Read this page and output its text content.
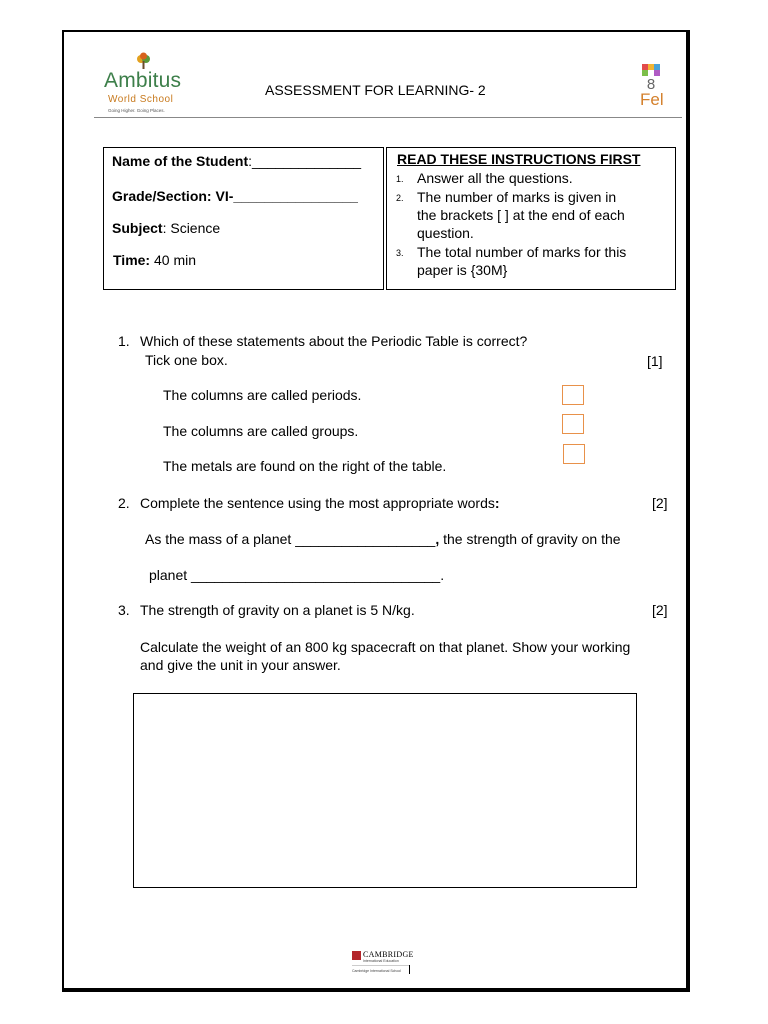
Ambitus
World School
Going Higher. Going Places.
ASSESSMENT FOR LEARNING- 2	8
Fel
Name of the Student:______________
Grade/Section: VI-________________
Subject: Science
Time: 40 min
READ THESE INSTRUCTIONS FIRST
1. Answer all the questions.
2. The number of marks is given in
the brackets [ ] at the end of each
question.
3. The total number of marks for this
paper is {30M}
1. Which of these statements about the Periodic Table is correct?
Tick one box.	[1]
The columns are called periods.
The columns are called groups.
The metals are found on the right of the table.
2. Complete the sentence using the most appropriate words:	[2]
As the mass of a planet __________________, the strength of gravity on the
planet ________________________________.
3. The strength of gravity on a planet is 5 N/kg.	[2]
Calculate the weight of an 800 kg spacecraft on that planet. Show your working
and give the unit in your answer.
CAMBRIDGE
International Education
Cambridge International School
